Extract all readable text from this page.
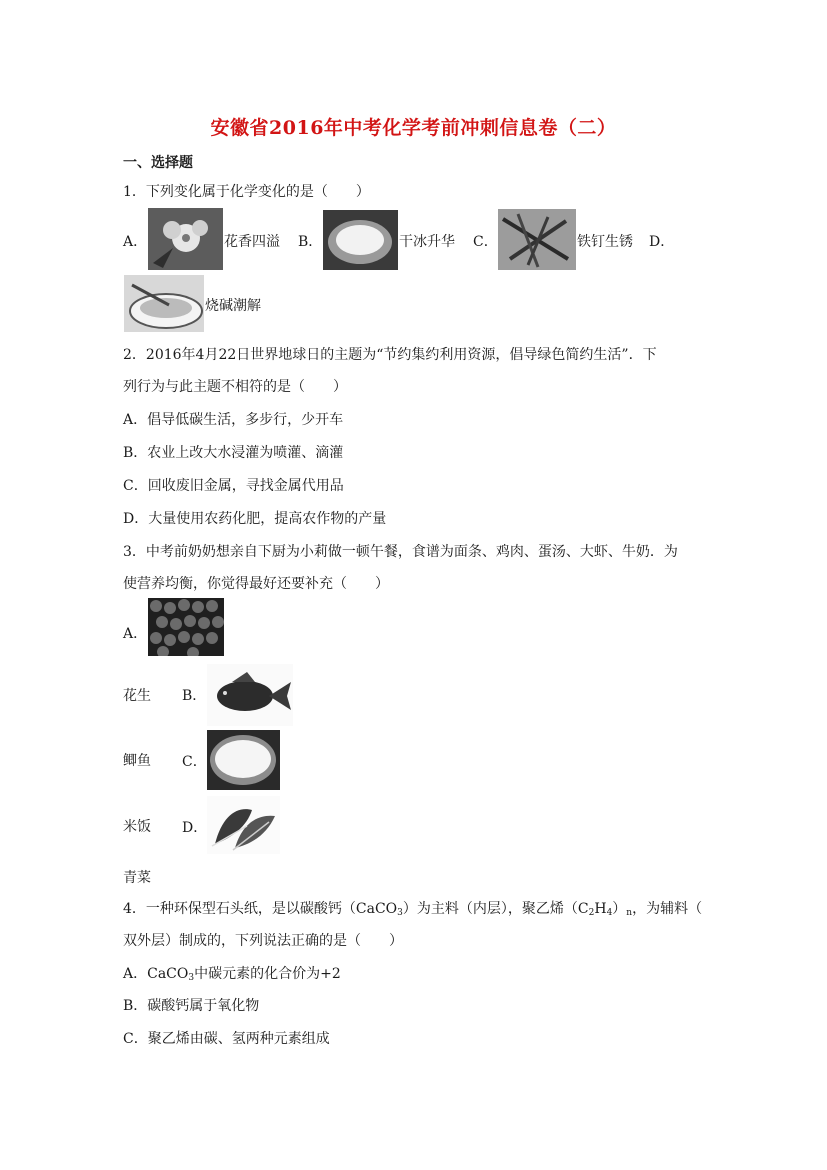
安徽省2016年中考化学考前冲刺信息卷（二）
一、选择题
1．下列变化属于化学变化的是（　　）
A．	花香四溢 B．	干冰升华 C．	铁钉生锈 D．
烧碱潮解
2．2016年4月22日世界地球日的主题为“节约集约利用资源，倡导绿色简约生活”．下
列行为与此主题不相符的是（　　）
A．倡导低碳生活，多步行，少开车
B．农业上改大水浸灌为喷灌、滴灌
C．回收废旧金属，寻找金属代用品
D．大量使用农药化肥，提高农作物的产量
3．中考前奶奶想亲自下厨为小莉做一顿午餐，食谱为面条、鸡肉、蛋汤、大虾、牛奶．为
使营养均衡，你觉得最好还要补充（　　）
A．
花生 B．
鲫鱼 C．
米饭 D．
青菜
4．一种环保型石头纸，是以碳酸钙（CaCO$_3$）为主料（内层），聚乙烯$(C_2H_4)_n$，为辅料（
双外层）制成的，下列说法正确的是（　　）
A．CaCO$_3$中碳元素的化合价为+2
B．碳酸钙属于氧化物
C．聚乙烯由碳、氢两种元素组成
